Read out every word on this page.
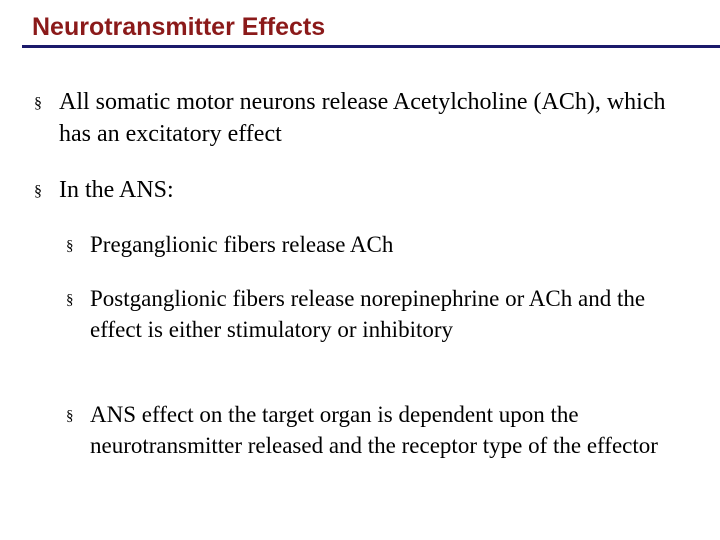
Neurotransmitter Effects
§ All somatic motor neurons release Acetylcholine (ACh), which has an excitatory effect
§ In the ANS:
§ Preganglionic fibers release ACh
§ Postganglionic fibers release norepinephrine or ACh and the effect is either stimulatory or inhibitory
§ ANS effect on the target organ is dependent upon the neurotransmitter released and the receptor type of the effector
